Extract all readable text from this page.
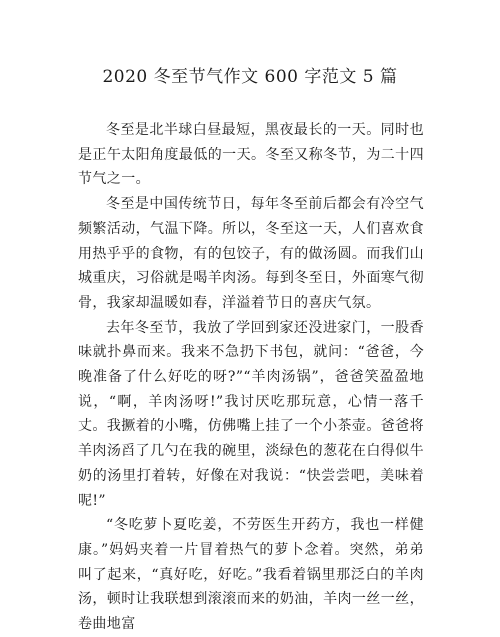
2020 冬至节气作文 600 字范文 5 篇

冬至是北半球白昼最短，黑夜最长的一天。同时也是正午太阳角度最低的一天。冬至又称冬节，为二十四节气之一。

冬至是中国传统节日，每年冬至前后都会有冷空气频繁活动，气温下降。所以，冬至这一天，人们喜欢食用热乎乎的食物，有的包饺子，有的做汤圆。而我们山城重庆，习俗就是喝羊肉汤。每到冬至日，外面寒气彻骨，我家却温暖如春，洋溢着节日的喜庆气氛。

去年冬至节，我放了学回到家还没进家门，一股香味就扑鼻而来。我来不急扔下书包，就问：“爸爸，今晚准备了什么好吃的呀?”“羊肉汤锅”，爸爸笑盈盈地说，“啊，羊肉汤呀!”我讨厌吃那玩意，心情一落千丈。我撅着的小嘴，仿佛嘴上挂了一个小茶壶。爸爸将羊肉汤舀了几勺在我的碗里，淡绿色的葱花在白得似牛奶的汤里打着转，好像在对我说：“快尝尝吧，美味着呢!”

“冬吃萝卜夏吃姜，不劳医生开药方，我也一样健康。”妈妈夹着一片冒着热气的萝卜念着。突然，弟弟叫了起来，“真好吃，好吃。”我看着锅里那泛白的羊肉汤，顿时让我联想到滚滚而来的奶油，羊肉一丝一丝，卷曲地富
